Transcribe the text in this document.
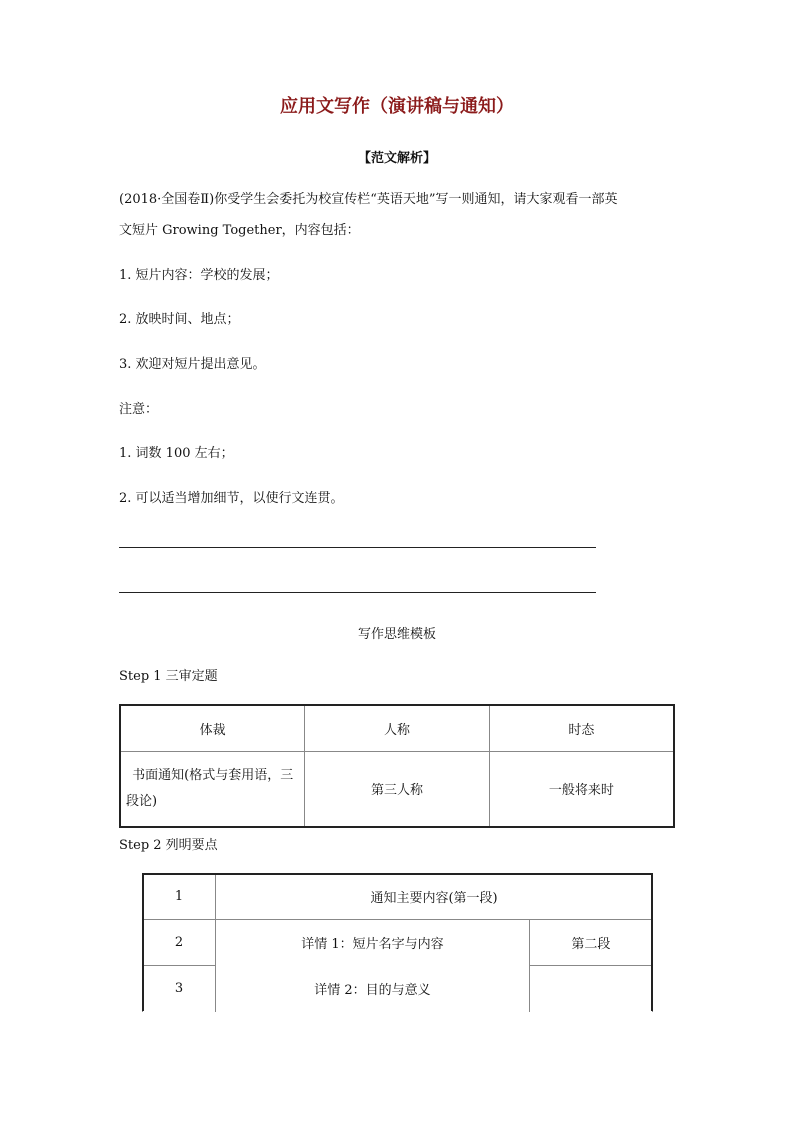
应用文写作（演讲稿与通知）
【范文解析】
(2018·全国卷Ⅱ)你受学生会委托为校宣传栏“英语天地”写一则通知，请大家观看一部英
文短片 Growing Together，内容包括：
1. 短片内容：学校的发展；
2. 放映时间、地点；
3. 欢迎对短片提出意见。
注意：
1. 词数 100 左右；
2. 可以适当增加细节，以使行文连贯。
写作思维模板
Step 1 三审定题
体裁	人称	时态

书面通知(格式与套用语，三
段论)	第三人称	一般将来时
Step 2 列明要点
1	通知主要内容(第一段)	
2	详情 1：短片名字与内容	第二段
3	详情 2：目的与意义	
